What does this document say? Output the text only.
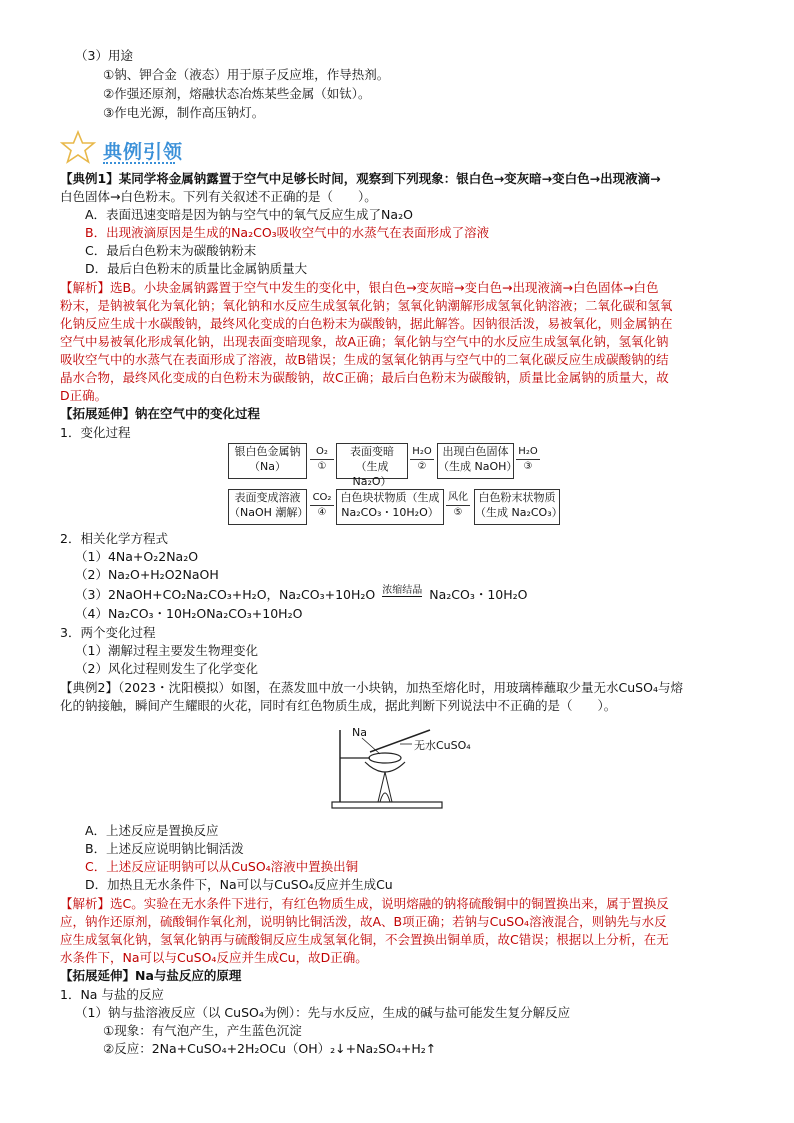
（3）用途
①钠、钾合金（液态）用于原子反应堆，作导热剂。
②作强还原剂，熔融状态冶炼某些金属（如钛）。
③作电光源，制作高压钠灯。
典例引领
【典例1】某同学将金属钠露置于空气中足够长时间，观察到下列现象：银白色→变灰暗→变白色→出现液滴→
白色固体→白色粉末。下列有关叙述不正确的是（　　）。
A．表面迅速变暗是因为钠与空气中的氧气反应生成了Na₂O
B．出现液滴原因是生成的Na₂CO₃吸收空气中的水蒸气在表面形成了溶液
C．最后白色粉末为碳酸钠粉末
D．最后白色粉末的质量比金属钠质量大
【解析】选B。小块金属钠露置于空气中发生的变化中，银白色→变灰暗→变白色→出现液滴→白色固体→白色
粉末，是钠被氧化为氧化钠；氧化钠和水反应生成氢氧化钠；氢氧化钠潮解形成氢氧化钠溶液；二氧化碳和氢氧
化钠反应生成十水碳酸钠，最终风化变成的白色粉末为碳酸钠，据此解答。因钠很活泼，易被氧化，则金属钠在
空气中易被氧化形成氧化钠，出现表面变暗现象，故A正确；氧化钠与空气中的水反应生成氢氧化钠，氢氧化钠
吸收空气中的水蒸气在表面形成了溶液，故B错误；生成的氢氧化钠再与空气中的二氧化碳反应生成碳酸钠的结
晶水合物，最终风化变成的白色粉末为碳酸钠，故C正确；最后白色粉末为碳酸钠，质量比金属钠的质量大，故
D正确。
【拓展延伸】钠在空气中的变化过程
1．变化过程
银白色金属钠
（Na）
O₂
①
表面变暗
（生成 Na₂O）
H₂O
②
出现白色固体
（生成 NaOH）
H₂O
③
表面变成溶液
（NaOH 潮解）
CO₂
④
白色块状物质（生成
Na₂CO₃・10H₂O）
风化
⑤
白色粉末状物质
（生成 Na₂CO₃）
2．相关化学方程式
（1）4Na+O₂2Na₂O
（2）Na₂O+H₂O2NaOH
（3）2NaOH+CO₂Na₂CO₃+H₂O，Na₂CO₃+10H₂O 浓缩结晶 Na₂CO₃・10H₂O
（4）Na₂CO₃・10H₂ONa₂CO₃+10H₂O
3．两个变化过程
（1）潮解过程主要发生物理变化
（2）风化过程则发生了化学变化
【典例2】（2023・沈阳模拟）如图，在蒸发皿中放一小块钠，加热至熔化时，用玻璃棒蘸取少量无水CuSO₄与熔
化的钠接触，瞬间产生耀眼的火花，同时有红色物质生成，据此判断下列说法中不正确的是（　　）。
Na
无水CuSO₄
A．上述反应是置换反应
B．上述反应说明钠比铜活泼
C．上述反应证明钠可以从CuSO₄溶液中置换出铜
D．加热且无水条件下，Na可以与CuSO₄反应并生成Cu
【解析】选C。实验在无水条件下进行，有红色物质生成，说明熔融的钠将硫酸铜中的铜置换出来，属于置换反
应，钠作还原剂，硫酸铜作氧化剂，说明钠比铜活泼，故A、B项正确；若钠与CuSO₄溶液混合，则钠先与水反
应生成氢氧化钠，氢氧化钠再与硫酸铜反应生成氢氧化铜，不会置换出铜单质，故C错误；根据以上分析，在无
水条件下，Na可以与CuSO₄反应并生成Cu，故D正确。
【拓展延伸】Na与盐反应的原理
1．Na 与盐的反应
（1）钠与盐溶液反应（以 CuSO₄为例）：先与水反应，生成的碱与盐可能发生复分解反应
①现象：有气泡产生，产生蓝色沉淀
②反应：2Na+CuSO₄+2H₂OCu（OH）₂↓+Na₂SO₄+H₂↑
